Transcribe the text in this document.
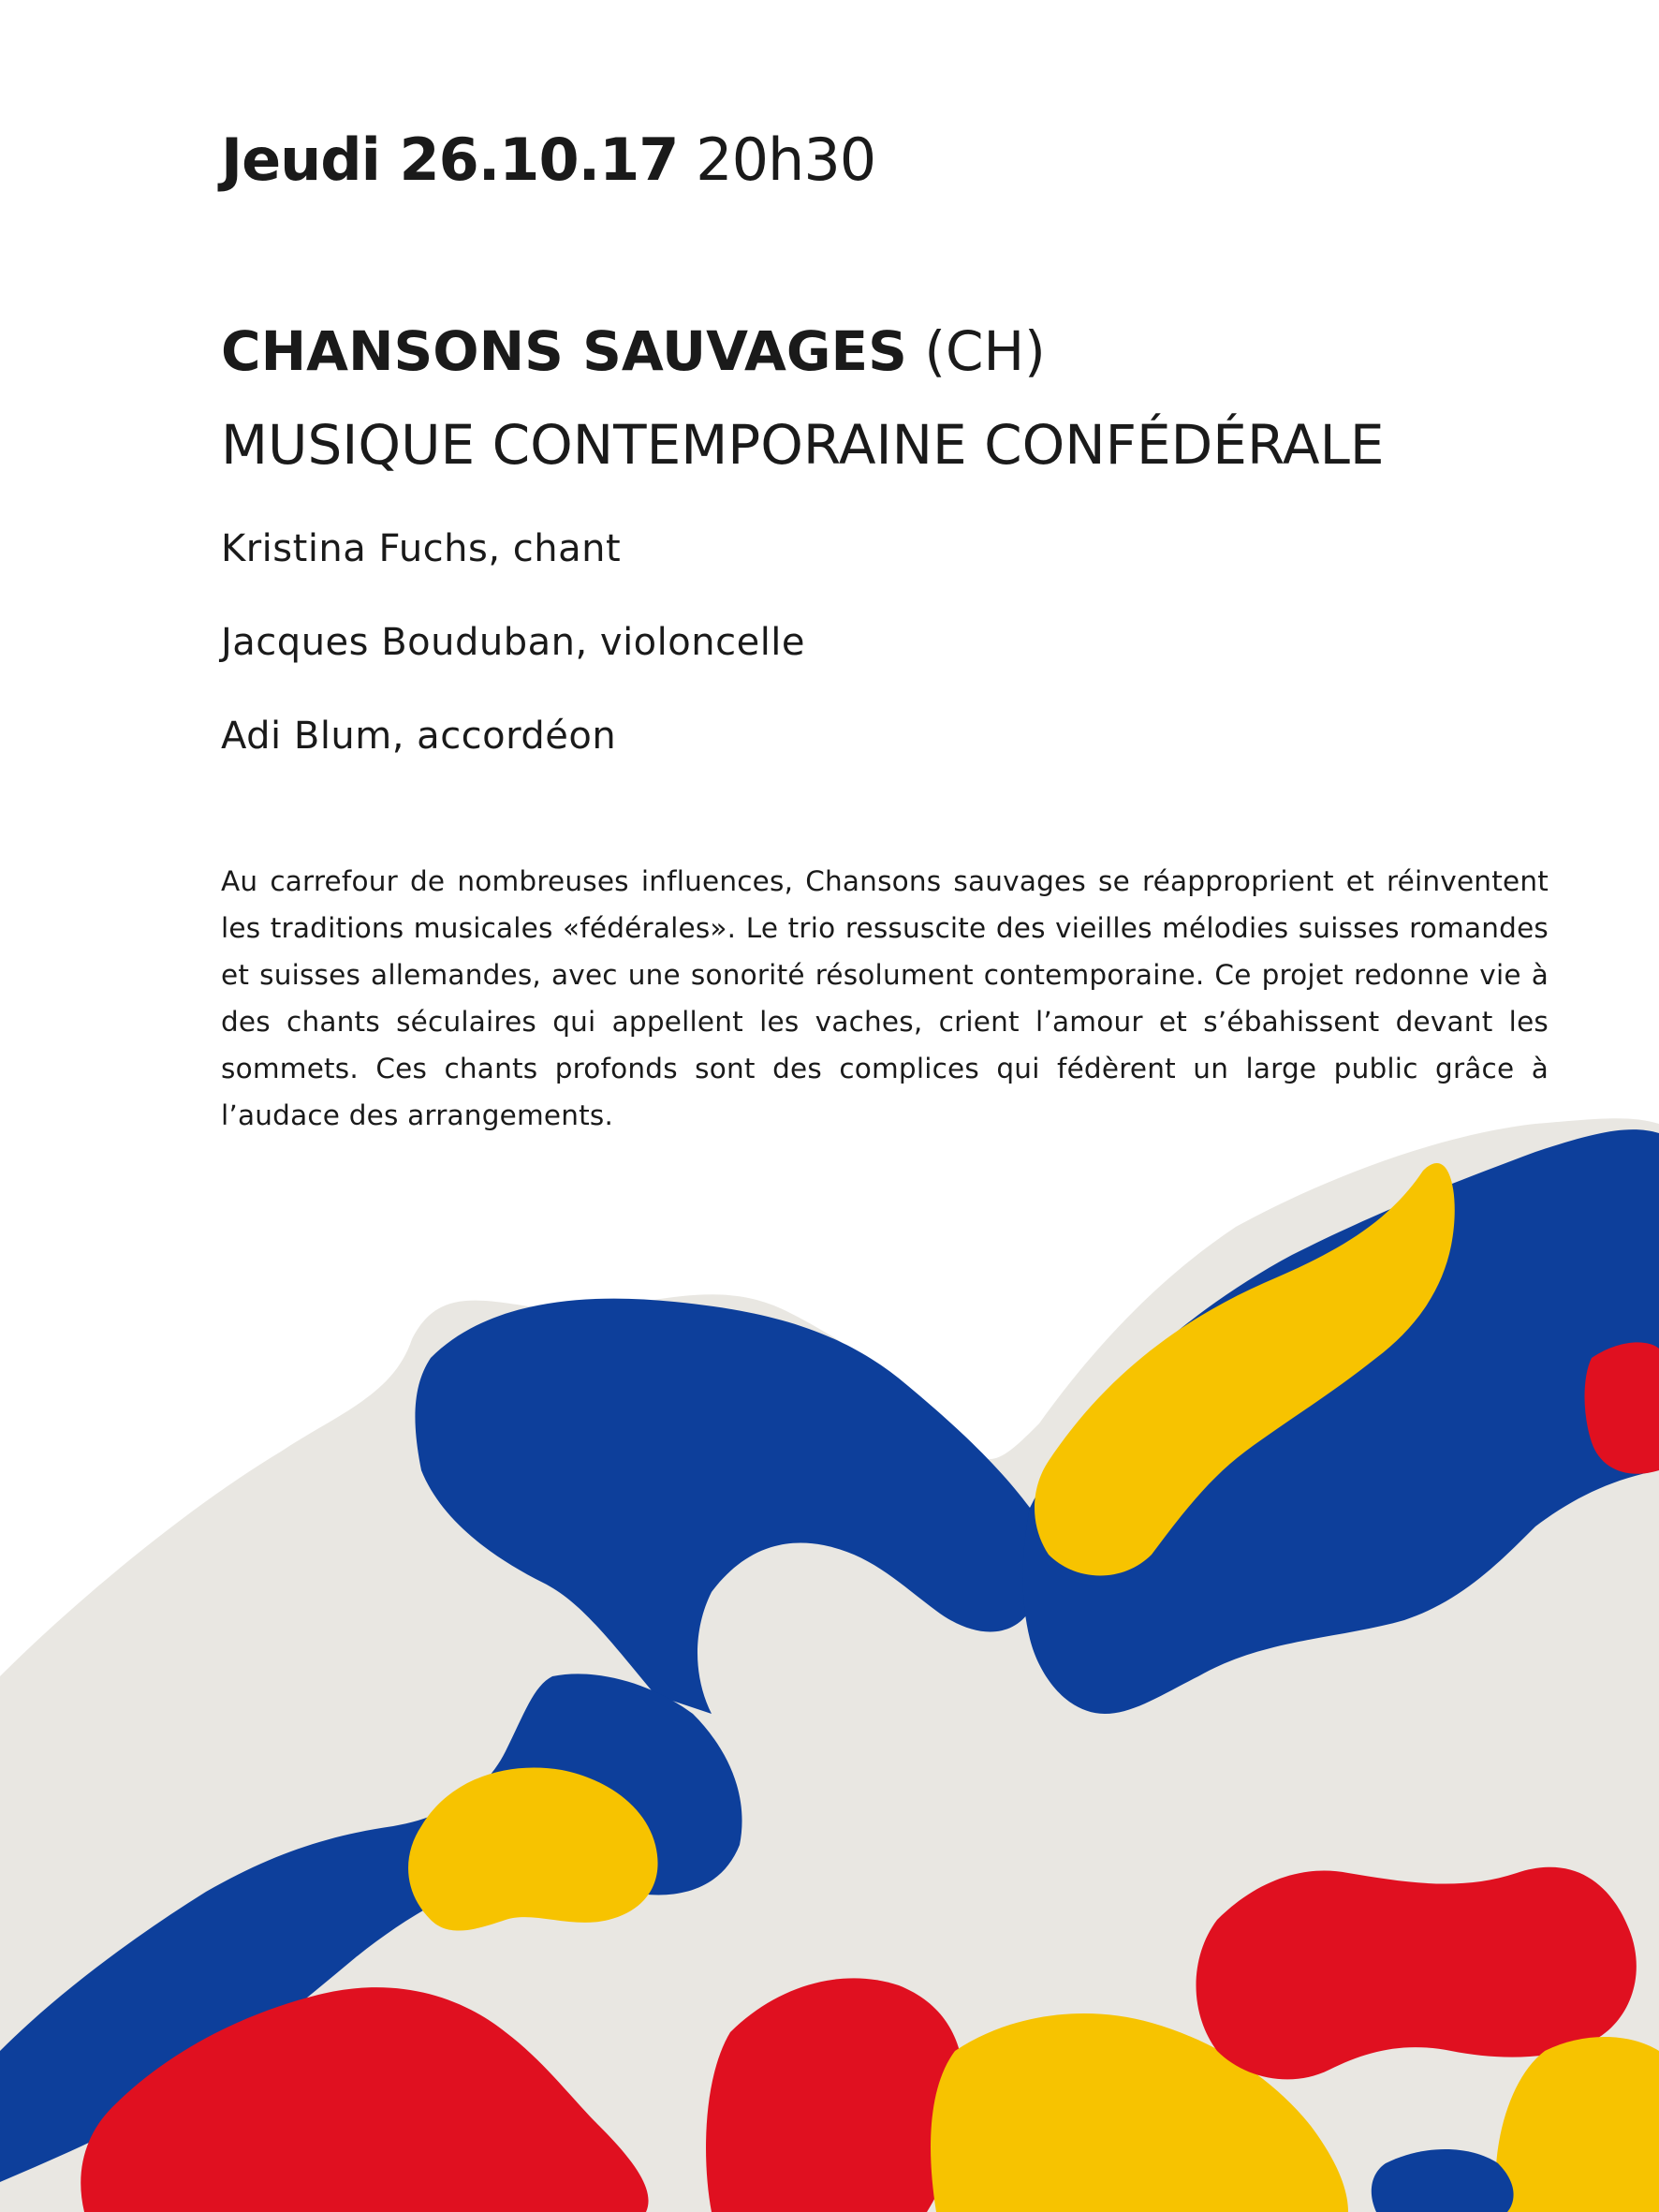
Jeudi 26.10.17 20h30
CHANSONS SAUVAGES (CH)
MUSIQUE CONTEMPORAINE CONFÉDÉRALE
Kristina Fuchs, chant
Jacques Bouduban, violoncelle
Adi Blum, accordéon
Au carrefour de nombreuses influences, Chansons sauvages se réapproprient et réinventent les traditions musicales «fédérales». Le trio ressuscite des vieilles mélodies suisses romandes et suisses allemandes, avec une sonorité résolument contemporaine. Ce projet redonne vie à des chants séculaires qui appellent les vaches, crient l’amour et s’ébahissent devant les sommets. Ces chants profonds sont des complices qui fédèrent un large public grâce à l’audace des arrangements.
